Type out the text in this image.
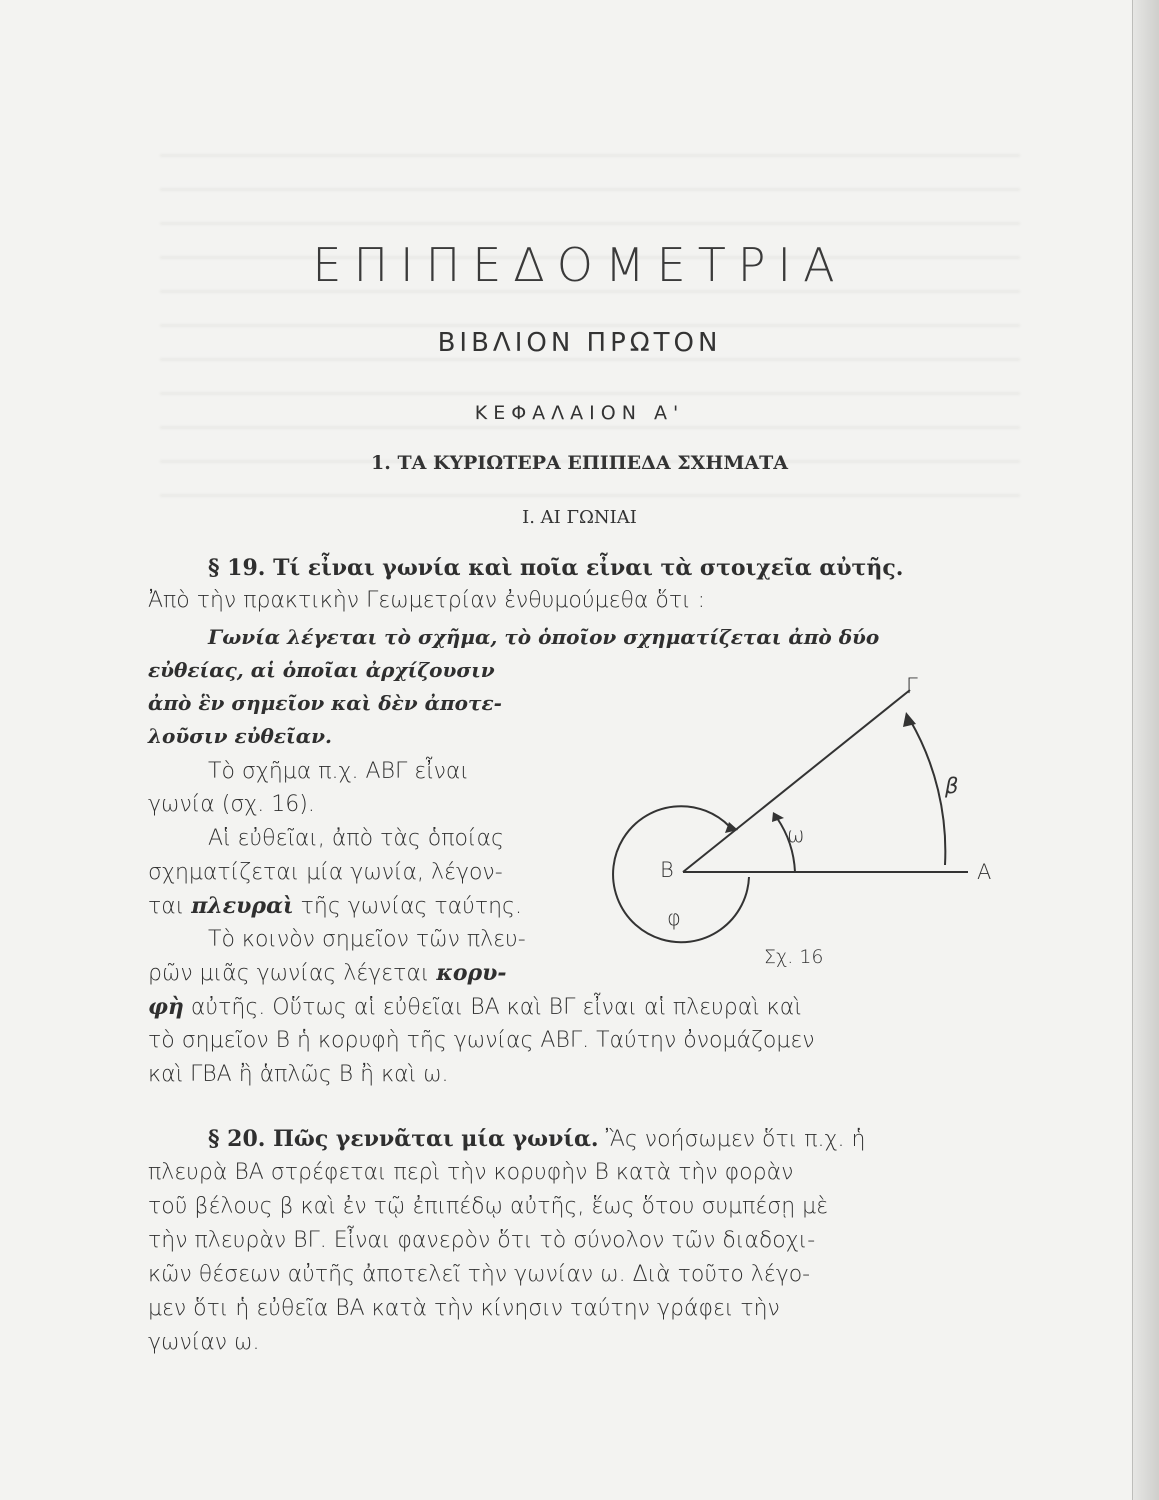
ΕΠΙΠΕΔΟΜΕΤΡΙΑ
ΒΙΒΛΙΟΝ ΠΡΩΤΟΝ
ΚΕΦΑΛΑΙΟΝ Α'
1. ΤΑ ΚΥΡΙΩΤΕΡΑ ΕΠΙΠΕΔΑ ΣΧΗΜΑΤΑ
I. ΑΙ ΓΩΝΙΑΙ
§ 19. Τί εἶναι γωνία καὶ ποῖα εἶναι τὰ στοιχεῖα αὐτῆς.
Ἀπὸ τὴν πρακτικὴν Γεωμετρίαν ἐνθυμούμεθα ὅτι :
Γωνία λέγεται τὸ σχῆμα, τὸ ὁποῖον σχηματίζεται ἀπὸ δύο
εὐθείας, αἱ ὁποῖαι ἀρχίζουσιν
ἀπὸ ἓν σημεῖον καὶ δὲν ἀποτε-
λοῦσιν εὐθεῖαν.
Τὸ σχῆμα π.χ. ΑΒΓ εἶναι
γωνία (σχ. 16).
Αἱ εὐθεῖαι, ἀπὸ τὰς ὁποίας
σχηματίζεται μία γωνία, λέγον-
ται πλευραὶ τῆς γωνίας ταύτης.
Τὸ κοινὸν σημεῖον τῶν πλευ-
ρῶν μιᾶς γωνίας λέγεται κορυ-
φὴ αὐτῆς. Οὕτως αἱ εὐθεῖαι ΒΑ καὶ ΒΓ εἶναι αἱ πλευραὶ καὶ
τὸ σημεῖον Β ἡ κορυφὴ τῆς γωνίας ΑΒΓ. Ταύτην ὀνομάζομεν
καὶ ΓΒΑ ἢ ἁπλῶς Β ἢ καὶ ω.
Γ
β
ω
B	A
φ
Σχ. 16
§ 20. Πῶς γεννᾶται μία γωνία. Ἂς νοήσωμεν ὅτι π.χ. ἡ
πλευρὰ ΒΑ στρέφεται περὶ τὴν κορυφὴν Β κατὰ τὴν φορὰν
τοῦ βέλους β καὶ ἐν τῷ ἐπιπέδῳ αὐτῆς, ἕως ὅτου συμπέσῃ μὲ
τὴν πλευρὰν ΒΓ. Εἶναι φανερὸν ὅτι τὸ σύνολον τῶν διαδοχι-
κῶν θέσεων αὐτῆς ἀποτελεῖ τὴν γωνίαν ω. Διὰ τοῦτο λέγο-
μεν ὅτι ἡ εὐθεῖα ΒΑ κατὰ τὴν κίνησιν ταύτην γράφει τὴν
γωνίαν ω.
